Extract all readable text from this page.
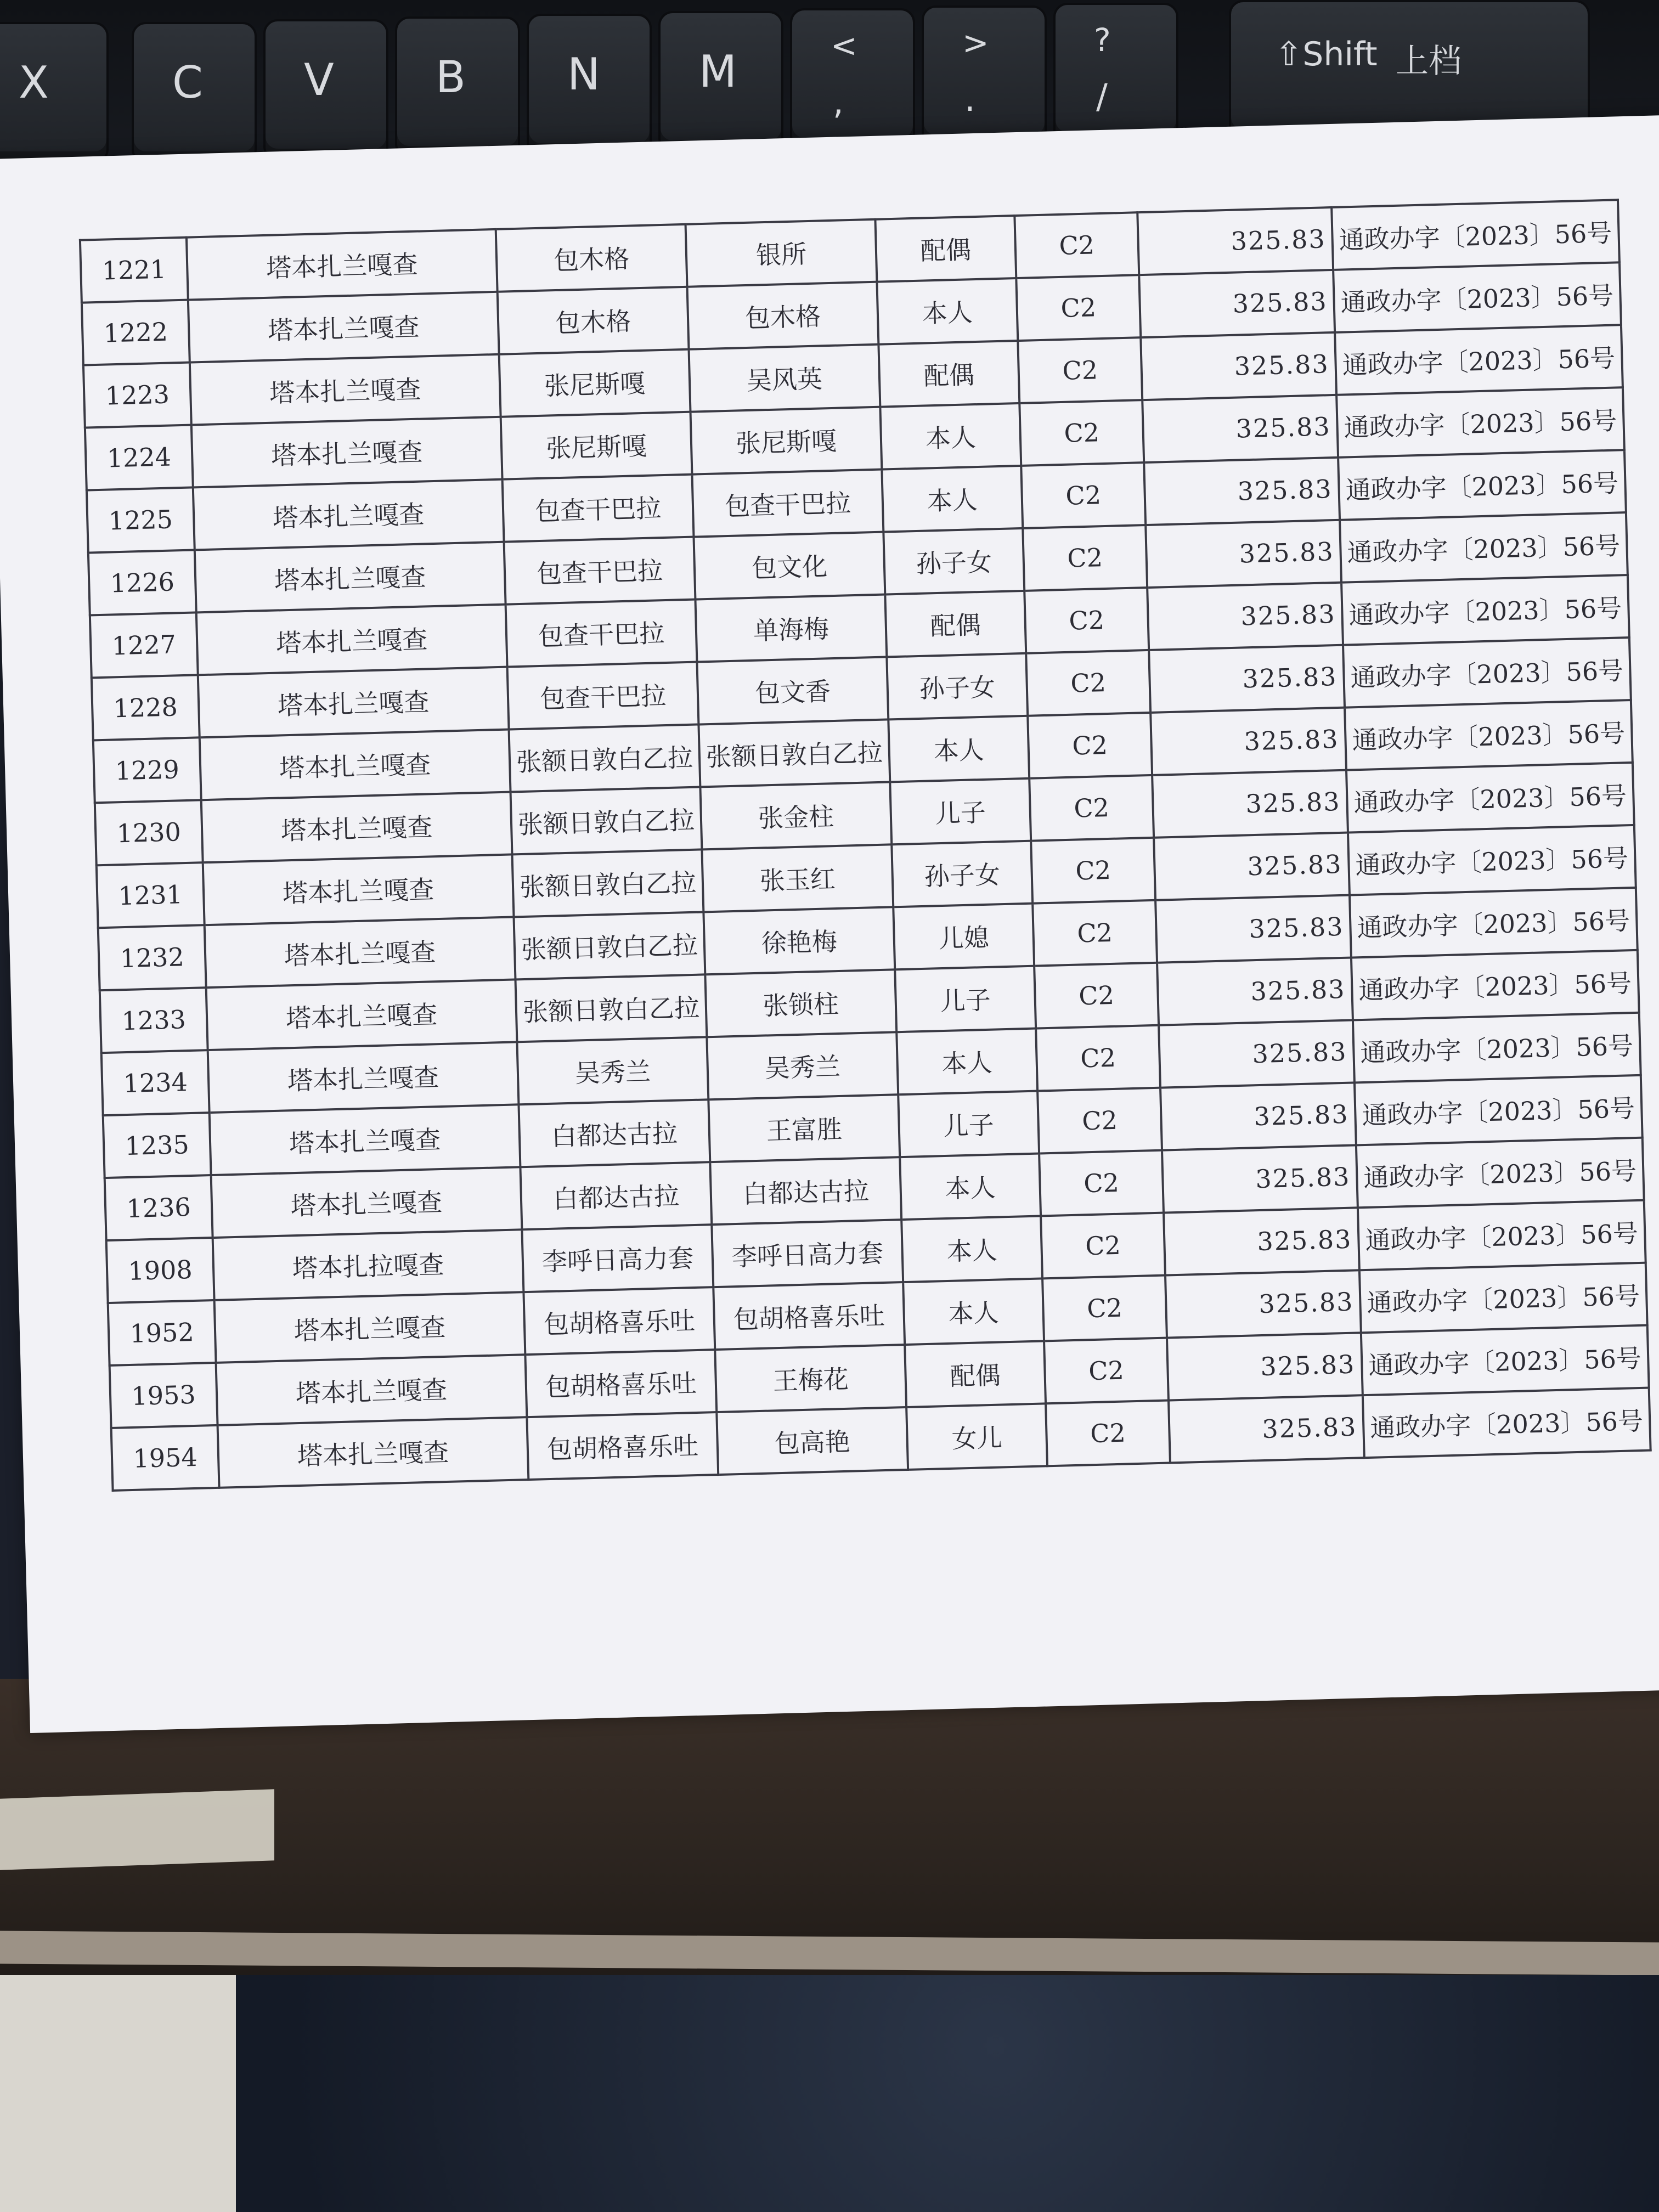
X	C V B N M
<
,
>
.
?
/
⇧Shift 上档
1221	塔本扎兰嘎查	包木格	银所	配偶	C2	325.83	通政办字〔2023〕56号
1222	塔本扎兰嘎查	包木格	包木格	本人	C2	325.83	通政办字〔2023〕56号
1223	塔本扎兰嘎查	张尼斯嘎	吴风英	配偶	C2	325.83	通政办字〔2023〕56号
1224	塔本扎兰嘎查	张尼斯嘎	张尼斯嘎	本人	C2	325.83	通政办字〔2023〕56号
1225	塔本扎兰嘎查	包查干巴拉	包查干巴拉	本人	C2	325.83	通政办字〔2023〕56号
1226	塔本扎兰嘎查	包查干巴拉	包文化	孙子女	C2	325.83	通政办字〔2023〕56号
1227	塔本扎兰嘎查	包查干巴拉	单海梅	配偶	C2	325.83	通政办字〔2023〕56号
1228	塔本扎兰嘎查	包查干巴拉	包文香	孙子女	C2	325.83	通政办字〔2023〕56号
1229	塔本扎兰嘎查	张额日敦白乙拉	张额日敦白乙拉	本人	C2	325.83	通政办字〔2023〕56号
1230	塔本扎兰嘎查	张额日敦白乙拉	张金柱	儿子	C2	325.83	通政办字〔2023〕56号
1231	塔本扎兰嘎查	张额日敦白乙拉	张玉红	孙子女	C2	325.83	通政办字〔2023〕56号
1232	塔本扎兰嘎查	张额日敦白乙拉	徐艳梅	儿媳	C2	325.83	通政办字〔2023〕56号
1233	塔本扎兰嘎查	张额日敦白乙拉	张锁柱	儿子	C2	325.83	通政办字〔2023〕56号
1234	塔本扎兰嘎查	吴秀兰	吴秀兰	本人	C2	325.83	通政办字〔2023〕56号
1235	塔本扎兰嘎查	白都达古拉	王富胜	儿子	C2	325.83	通政办字〔2023〕56号
1236	塔本扎兰嘎查	白都达古拉	白都达古拉	本人	C2	325.83	通政办字〔2023〕56号
1908	塔本扎拉嘎查	李呼日高力套	李呼日高力套	本人	C2	325.83	通政办字〔2023〕56号
1952	塔本扎兰嘎查	包胡格喜乐吐	包胡格喜乐吐	本人	C2	325.83	通政办字〔2023〕56号
1953	塔本扎兰嘎查	包胡格喜乐吐	王梅花	配偶	C2	325.83	通政办字〔2023〕56号
1954	塔本扎兰嘎查	包胡格喜乐吐	包高艳	女儿	C2	325.83	通政办字〔2023〕56号
